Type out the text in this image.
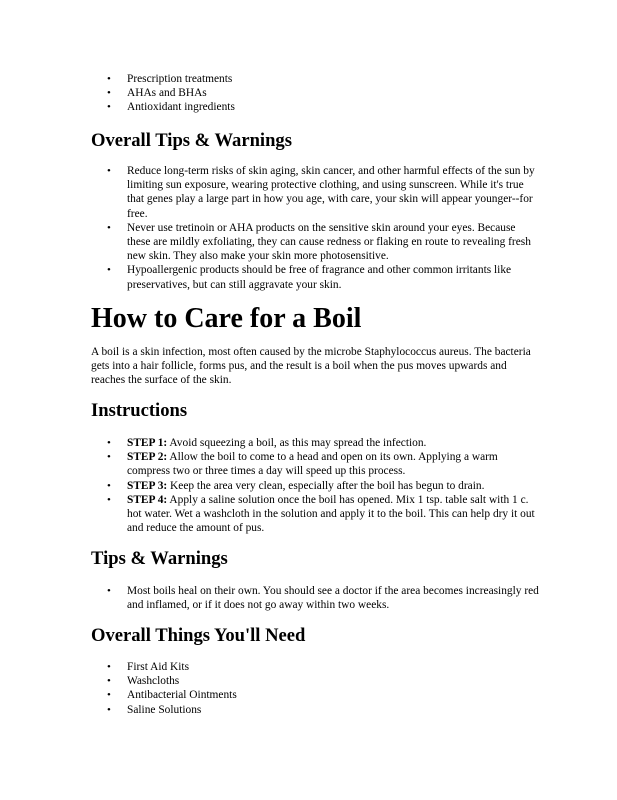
• Prescription treatments
• AHAs and BHAs
• Antioxidant ingredients
Overall Tips & Warnings
• Reduce long-term risks of skin aging, skin cancer, and other harmful effects of the sun by limiting sun exposure, wearing protective clothing, and using sunscreen. While it's true that genes play a large part in how you age, with care, your skin will appear younger--for free.
• Never use tretinoin or AHA products on the sensitive skin around your eyes. Because these are mildly exfoliating, they can cause redness or flaking en route to revealing fresh new skin. They also make your skin more photosensitive.
• Hypoallergenic products should be free of fragrance and other common irritants like preservatives, but can still aggravate your skin.
How to Care for a Boil

A boil is a skin infection, most often caused by the microbe Staphylococcus aureus. The bacteria gets into a hair follicle, forms pus, and the result is a boil when the pus moves upwards and reaches the surface of the skin.

Instructions
• STEP 1: Avoid squeezing a boil, as this may spread the infection.
• STEP 2: Allow the boil to come to a head and open on its own. Applying a warm compress two or three times a day will speed up this process.
• STEP 3: Keep the area very clean, especially after the boil has begun to drain.
• STEP 4: Apply a saline solution once the boil has opened. Mix 1 tsp. table salt with 1 c. hot water. Wet a washcloth in the solution and apply it to the boil. This can help dry it out and reduce the amount of pus.
Tips & Warnings
• Most boils heal on their own. You should see a doctor if the area becomes increasingly red and inflamed, or if it does not go away within two weeks.
Overall Things You'll Need
• First Aid Kits
• Washcloths
• Antibacterial Ointments
• Saline Solutions
